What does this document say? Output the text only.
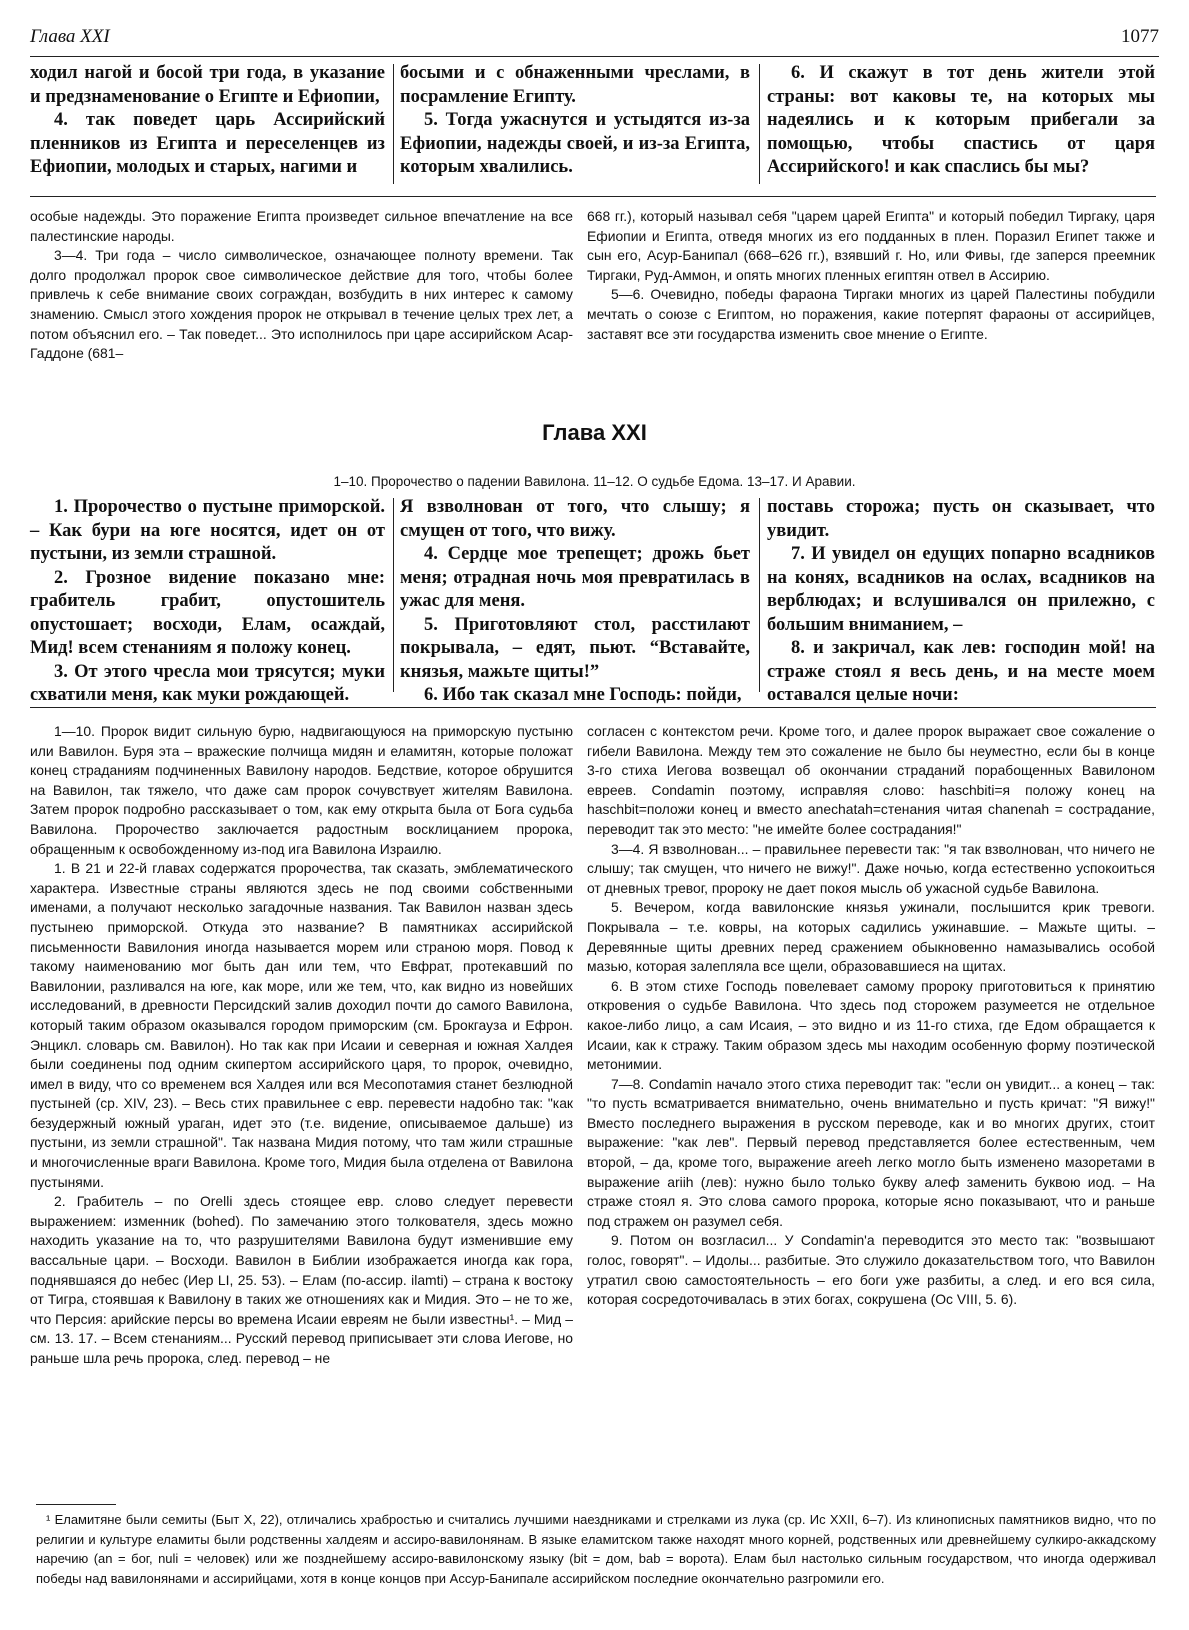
Глава XXI	1077

ходил нагой и босой три года, в указание и предзнаменование о Египте и Ефиопии,

4. так поведет царь Ассирийский пленников из Египта и переселенцев из Ефиопии, молодых и старых, нагими и

босыми и с обнаженными чреслами, в посрамление Египту.

5. Тогда ужаснутся и устыдятся из-за Ефиопии, надежды своей, и из-за Египта, которым хвалились.

6. И скажут в тот день жители этой страны: вот каковы те, на которых мы надеялись и к которым прибегали за помощью, чтобы спастись от царя Ассирийского! и как спаслись бы мы?

особые надежды. Это поражение Египта произведет сильное впечатление на все палестинские народы.

3—4. Три года – число символическое, означающее полноту времени. Так долго продолжал пророк свое символическое действие для того, чтобы более привлечь к себе внимание своих сограждан, возбудить в них интерес к самому знамению. Смысл этого хождения пророк не открывал в течение целых трех лет, а потом объяснил его. – Так поведет... Это исполнилось при царе ассирийском Асар-Гаддоне (681–

668 гг.), который называл себя "царем царей Египта" и который победил Тиргаку, царя Ефиопии и Египта, отведя многих из его подданных в плен. Поразил Египет также и сын его, Асур-Банипал (668–626 гг.), взявший г. Но, или Фивы, где заперся преемник Тиргаки, Руд-Аммон, и опять многих пленных египтян отвел в Ассирию.

5—6. Очевидно, победы фараона Тиргаки многих из царей Палестины побудили мечтать о союзе с Египтом, но поражения, какие потерпят фараоны от ассирийцев, заставят все эти государства изменить свое мнение о Египте.

Глава XXI
1–10. Пророчество о падении Вавилона. 11–12. О судьбе Едома. 13–17. И Аравии.

1. Пророчество о пустыне приморской. – Как бури на юге носятся, идет он от пустыни, из земли страшной.

2. Грозное видение показано мне: грабитель грабит, опустошитель опустошает; восходи, Елам, осаждай, Мид! всем стенаниям я положу конец.

3. От этого чресла мои трясутся; муки схватили меня, как муки рождающей.

Я взволнован от того, что слышу; я смущен от того, что вижу.

4. Сердце мое трепещет; дрожь бьет меня; отрадная ночь моя превратилась в ужас для меня.

5. Приготовляют стол, расстилают покрывала, – едят, пьют. “Вставайте, князья, мажьте щиты!”

6. Ибо так сказал мне Господь: пойди,

поставь сторожа; пусть он сказывает, что увидит.

7. И увидел он едущих попарно всадников на конях, всадников на ослах, всадников на верблюдах; и вслушивался он прилежно, с большим вниманием, –

8. и закричал, как лев: господин мой! на страже стоял я весь день, и на месте моем оставался целые ночи:

1—10. Пророк видит сильную бурю, надвигающуюся на приморскую пустыню или Вавилон. Буря эта – вражеские полчища мидян и еламитян, которые положат конец страданиям подчиненных Вавилону народов. Бедствие, которое обрушится на Вавилон, так тяжело, что даже сам пророк сочувствует жителям Вавилона. Затем пророк подробно рассказывает о том, как ему открыта была от Бога судьба Вавилона. Пророчество заключается радостным восклицанием пророка, обращенным к освобожденному из-под ига Вавилона Израилю.

1. В 21 и 22-й главах содержатся пророчества, так сказать, эмблематического характера. Известные страны являются здесь не под своими собственными именами, а получают несколько загадочные названия. Так Вавилон назван здесь пустынею приморской. Откуда это название? В памятниках ассирийской письменности Вавилония иногда называется морем или страною моря. Повод к такому наименованию мог быть дан или тем, что Евфрат, протекавший по Вавилонии, разливался на юге, как море, или же тем, что, как видно из новейших исследований, в древности Персидский залив доходил почти до самого Вавилона, который таким образом оказывался городом приморским (см. Брокгауза и Ефрон. Энцикл. словарь см. Вавилон). Но так как при Исаии и северная и южная Халдея были соединены под одним скипертом ассирийского царя, то пророк, очевидно, имел в виду, что со временем вся Халдея или вся Месопотамия станет безлюдной пустыней (ср. XIV, 23). – Весь стих правильнее с евр. перевести надобно так: "как безудержный южный ураган, идет это (т.е. видение, описываемое дальше) из пустыни, из земли страшной". Так названа Мидия потому, что там жили страшные и многочисленные враги Вавилона. Кроме того, Мидия была отделена от Вавилона пустынями.

2. Грабитель – по Orelli здесь стоящее евр. слово следует перевести выражением: изменник (bohed). По замечанию этого толкователя, здесь можно находить указание на то, что разрушителями Вавилона будут изменившие ему вассальные цари. – Восходи. Вавилон в Библии изображается иногда как гора, поднявшаяся до небес (Иер LI, 25. 53). – Елам (по-ассир. ilamti) – страна к востоку от Тигра, стоявшая к Вавилону в таких же отношениях как и Мидия. Это – не то же, что Персия: арийские персы во времена Исаии евреям не были известны¹. – Мид – см. 13. 17. – Всем стенаниям... Русский перевод приписывает эти слова Иегове, но раньше шла речь пророка, след. перевод – не

согласен с контекстом речи. Кроме того, и далее пророк выражает свое сожаление о гибели Вавилона. Между тем это сожаление не было бы неуместно, если бы в конце 3-го стиха Иегова возвещал об окончании страданий порабощенных Вавилоном евреев. Condamin поэтому, исправляя слово: haschbiti=я положу конец на haschbit=положи конец и вместо anechatah=стенания читая chanenah = сострадание, переводит так это место: "не имейте более сострадания!"

3—4. Я взволнован... – правильнее перевести так: "я так взволнован, что ничего не слышу; так смущен, что ничего не вижу!". Даже ночью, когда естественно успокоиться от дневных тревог, пророку не дает покоя мысль об ужасной судьбе Вавилона.

5. Вечером, когда вавилонские князья ужинали, послышится крик тревоги. Покрывала – т.е. ковры, на которых садились ужинавшие. – Мажьте щиты. – Деревянные щиты древних перед сражением обыкновенно намазывались особой мазью, которая залепляла все щели, образовавшиеся на щитах.

6. В этом стихе Господь повелевает самому пророку приготовиться к принятию откровения о судьбе Вавилона. Что здесь под сторожем разумеется не отдельное какое-либо лицо, а сам Исаия, – это видно и из 11-го стиха, где Едом обращается к Исаии, как к стражу. Таким образом здесь мы находим особенную форму поэтической метонимии.

7—8. Condamin начало этого стиха переводит так: "если он увидит... а конец – так: "то пусть всматривается внимательно, очень внимательно и пусть кричат: "Я вижу!" Вместо последнего выражения в русском переводе, как и во многих других, стоит выражение: "как лев". Первый перевод представляется более естественным, чем второй, – да, кроме того, выражение areeh легко могло быть изменено мазоретами в выражение ariih (лев): нужно было только букву алеф заменить буквою иод. – На страже стоял я. Это слова самого пророка, которые ясно показывают, что и раньше под стражем он разумел себя.

9. Потом он возгласил... У Condamin'а переводится это место так: "возвышают голос, говорят". – Идолы... разбитые. Это служило доказательством того, что Вавилон утратил свою самостоятельность – его боги уже разбиты, а след. и его вся сила, которая сосредоточивалась в этих богах, сокрушена (Ос VIII, 5. 6).

¹ Еламитяне были семиты (Быт X, 22), отличались храбростью и считались лучшими наездниками и стрелками из лука (ср. Ис XXII, 6–7). Из клинописных памятников видно, что по религии и культуре еламиты были родственны халдеям и ассиро-вавилонянам. В языке еламитском также находят много корней, родственных или древнейшему сулкиро-аккадскому наречию (an = бог, nuli = человек) или же позднейшему ассиро-вавилонскому языку (bit = дом, bab = ворота). Елам был настолько сильным государством, что иногда одерживал победы над вавилонянами и ассирийцами, хотя в конце концов при Ассур-Банипале ассирийском последние окончательно разгромили его.
